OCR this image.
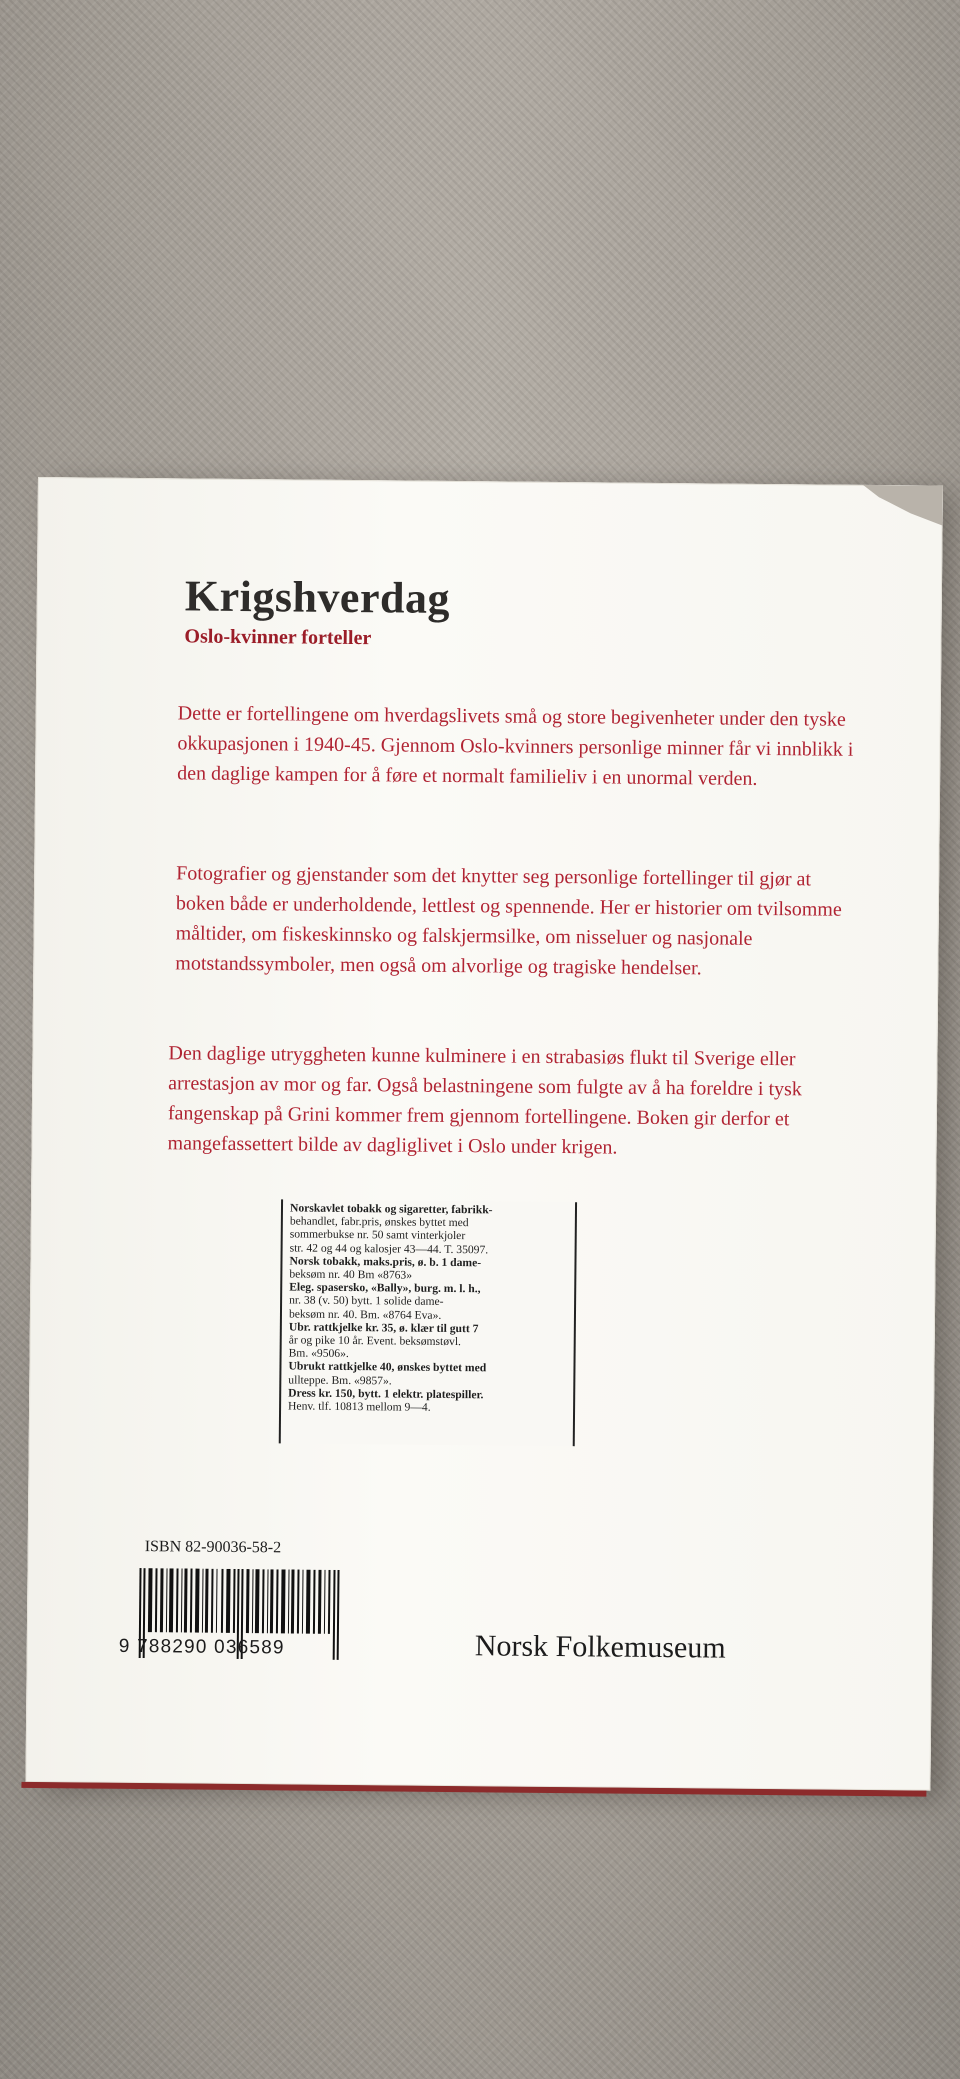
Krigshverdag

Oslo-kvinner forteller

Dette er fortellingene om hverdagslivets små og store begivenheter under den tyske okkupasjonen i 1940-45. Gjennom Oslo-kvinners personlige minner får vi innblikk i den daglige kampen for å føre et normalt familieliv i en unormal verden.

Fotografier og gjenstander som det knytter seg personlige fortellinger til gjør at boken både er underholdende, lettlest og spennende. Her er historier om tvilsomme måltider, om fiskeskinnsko og falskjermsilke, om nisseluer og nasjonale motstandssymboler, men også om alvorlige og tragiske hendelser.

Den daglige utryggheten kunne kulminere i en strabasiøs flukt til Sverige eller arrestasjon av mor og far. Også belastningene som fulgte av å ha foreldre i tysk fangenskap på Grini kommer frem gjennom fortellingene. Boken gir derfor et mangefassettert bilde av dagliglivet i Oslo under krigen.

Norskavlet tobakk og sigaretter, fabrikk-

behandlet, fabr.pris, ønskes byttet med

sommerbukse nr. 50 samt vinterkjoler

str. 42 og 44 og kalosjer 43—44. T. 35097.

Norsk tobakk, maks.pris, ø. b. 1 dame-

beksøm nr. 40 Bm «8763»

Eleg. spasersko, «Bally», burg. m. l. h.,

nr. 38 (v. 50) bytt. 1 solide dame-

beksøm nr. 40. Bm. «8764 Eva».

Ubr. rattkjelke kr. 35, ø. klær til gutt 7

år og pike 10 år. Event. beksømstøvl.

Bm. «9506».

Ubrukt rattkjelke 40, ønskes byttet med

ullteppe. Bm. «9857».

Dress kr. 150, bytt. 1 elektr. platespiller.

Henv. tlf. 10813 mellom 9—4.

ISBN 82-90036-58-2

9 788290 036589	Norsk Folkemuseum
